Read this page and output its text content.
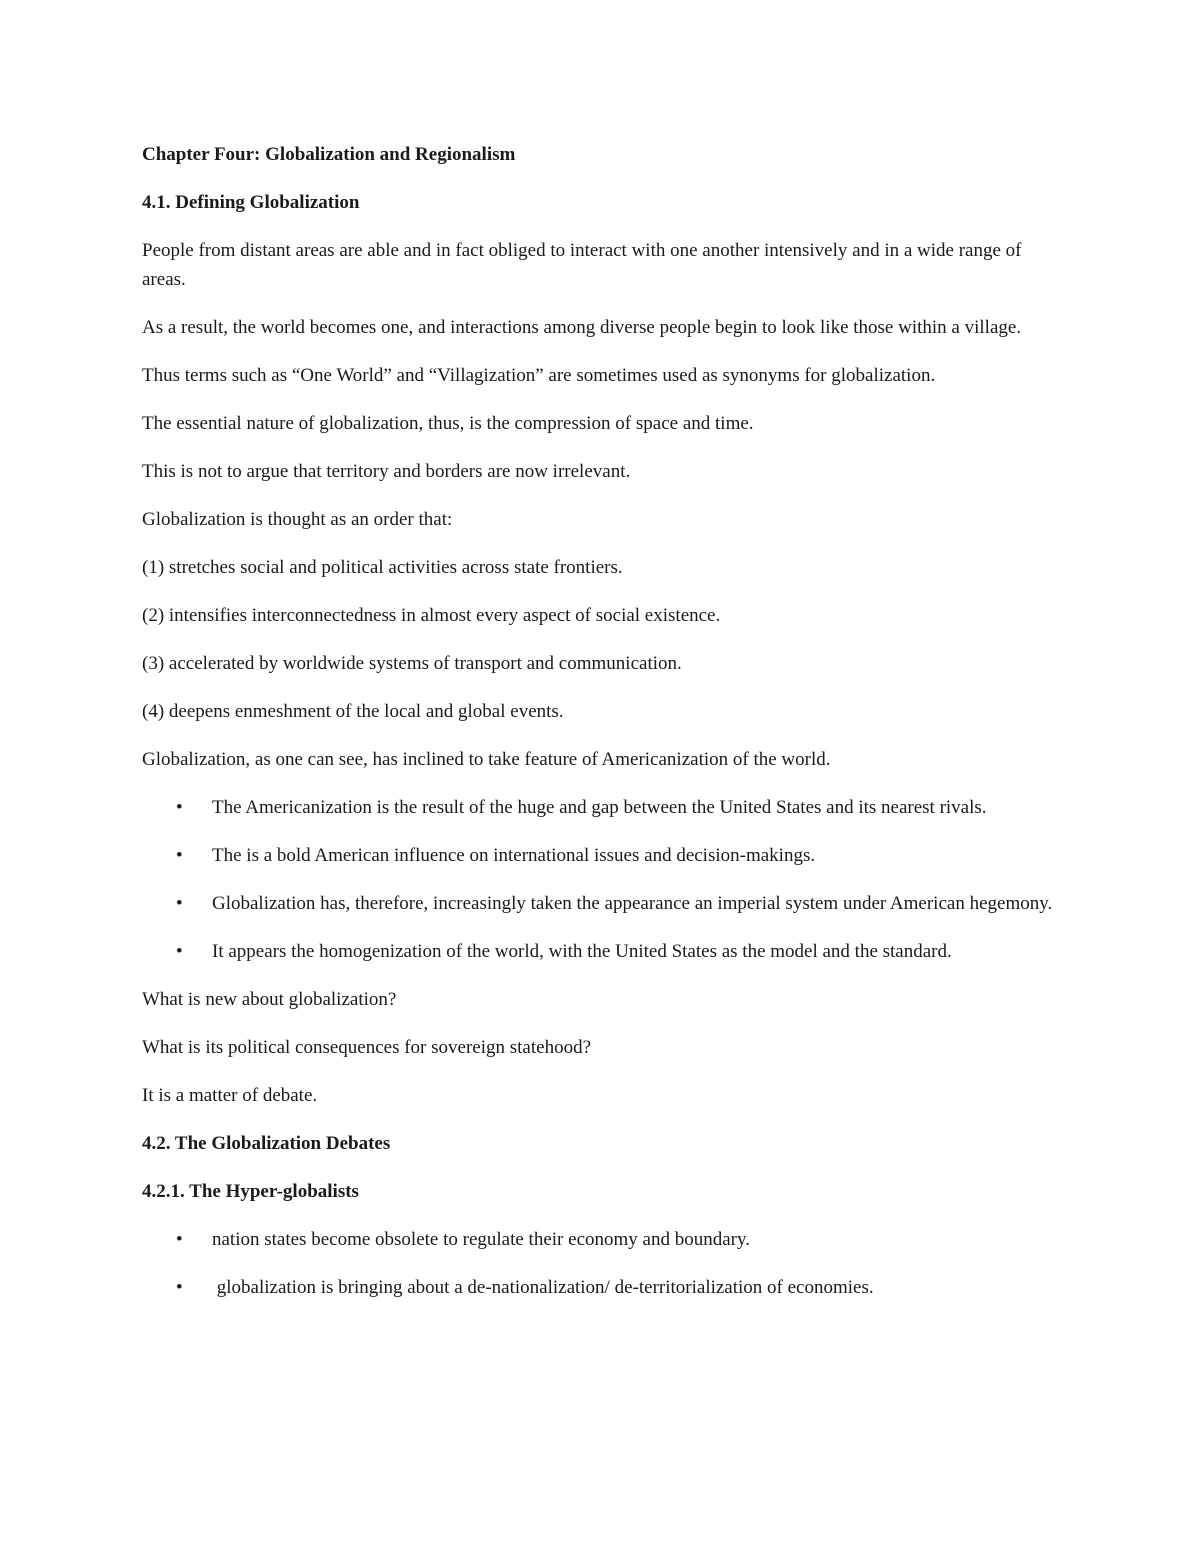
Chapter Four: Globalization and Regionalism

4.1. Defining Globalization

People from distant areas are able and in fact obliged to interact with one another intensively and in a wide range of areas.

As a result, the world becomes one, and interactions among diverse people begin to look like those within a village.

Thus terms such as “One World” and “Villagization” are sometimes used as synonyms for globalization.

The essential nature of globalization, thus, is the compression of space and time.

This is not to argue that territory and borders are now irrelevant.

Globalization is thought as an order that:

(1) stretches social and political activities across state frontiers.

(2) intensifies interconnectedness in almost every aspect of social existence.

(3) accelerated by worldwide systems of transport and communication.

(4) deepens enmeshment of the local and global events.

Globalization, as one can see, has inclined to take feature of Americanization of the world.

• The Americanization is the result of the huge and gap between the United States and its nearest rivals.
• The is a bold American influence on international issues and decision-makings.
• Globalization has, therefore, increasingly taken the appearance an imperial system under American hegemony.
• It appears the homogenization of the world, with the United States as the model and the standard.

What is new about globalization?

What is its political consequences for sovereign statehood?

It is a matter of debate.

4.2. The Globalization Debates

4.2.1. The Hyper-globalists

• nation states become obsolete to regulate their economy and boundary.
• globalization is bringing about a de-nationalization/ de-territorialization of economies.
